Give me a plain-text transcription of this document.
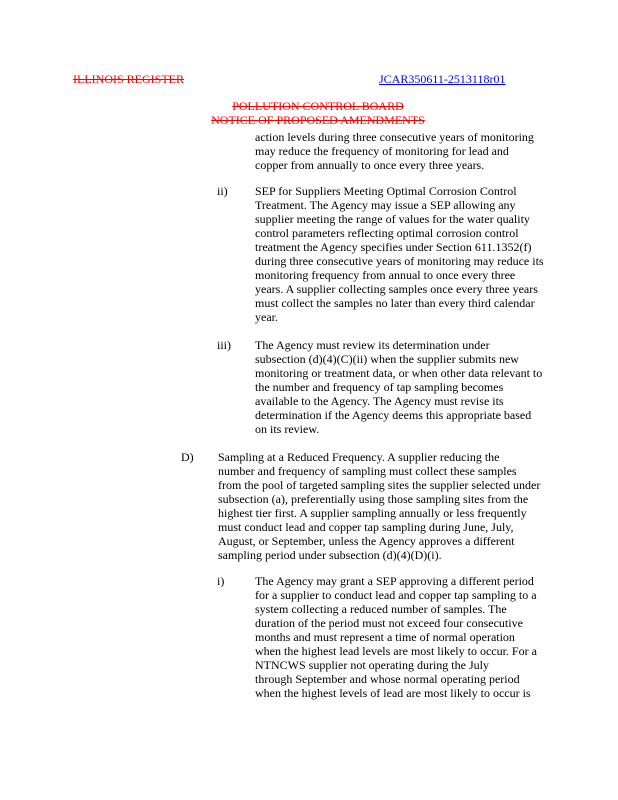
ILLINOIS REGISTER	JCAR350611-2513118r01
POLLUTION CONTROL BOARD
NOTICE OF PROPOSED AMENDMENTS

action levels during three consecutive years of monitoring
may reduce the frequency of monitoring for lead and
copper from annually to once every three years.

ii) SEP for Suppliers Meeting Optimal Corrosion Control
Treatment. The Agency may issue a SEP allowing any
supplier meeting the range of values for the water quality
control parameters reflecting optimal corrosion control
treatment the Agency specifies under Section 611.1352(f)
during three consecutive years of monitoring may reduce its
monitoring frequency from annual to once every three
years. A supplier collecting samples once every three years
must collect the samples no later than every third calendar
year.

iii) The Agency must review its determination under
subsection (d)(4)(C)(ii) when the supplier submits new
monitoring or treatment data, or when other data relevant to
the number and frequency of tap sampling becomes
available to the Agency. The Agency must revise its
determination if the Agency deems this appropriate based
on its review.

D) Sampling at a Reduced Frequency. A supplier reducing the
number and frequency of sampling must collect these samples
from the pool of targeted sampling sites the supplier selected under
subsection (a), preferentially using those sampling sites from the
highest tier first. A supplier sampling annually or less frequently
must conduct lead and copper tap sampling during June, July,
August, or September, unless the Agency approves a different
sampling period under subsection (d)(4)(D)(i).

i)	The Agency may grant a SEP approving a different period
for a supplier to conduct lead and copper tap sampling to a
system collecting a reduced number of samples. The
duration of the period must not exceed four consecutive
months and must represent a time of normal operation
when the highest lead levels are most likely to occur. For a
NTNCWS supplier not operating during the July
through September and whose normal operating period
when the highest levels of lead are most likely to occur is
